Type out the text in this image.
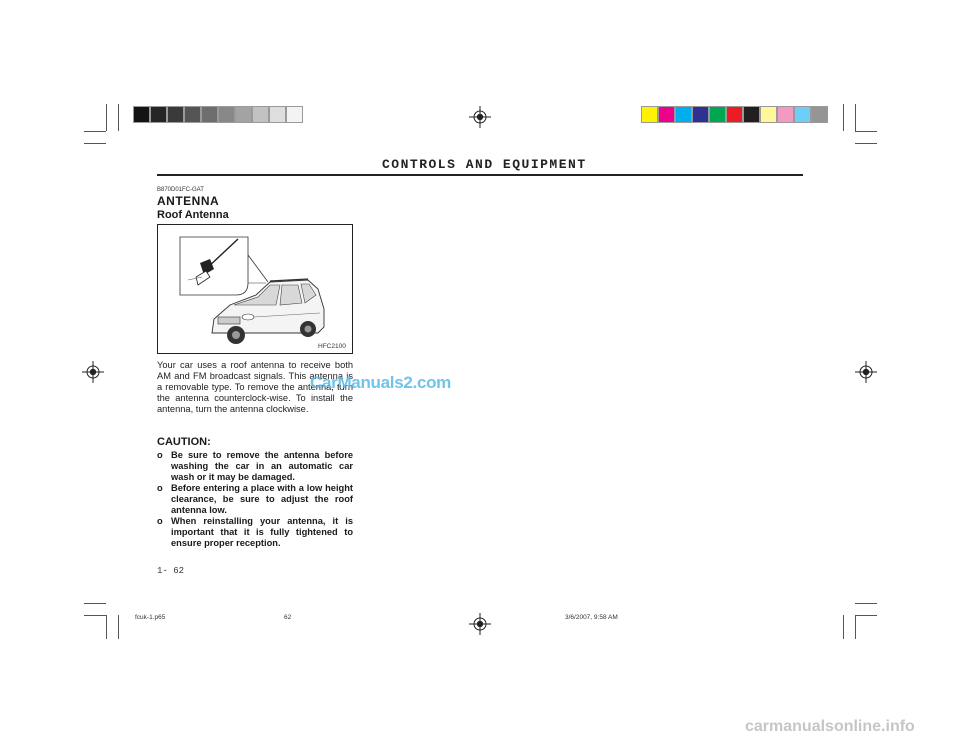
CONTROLS AND EQUIPMENT
B870D01FC-GAT
ANTENNA
Roof Antenna
HFC2100
Your car uses a roof antenna to receive both AM and FM broadcast signals. This antenna is a removable type. To remove the antenna, turn the antenna counterclock-wise. To install the antenna, turn the antenna clockwise.
CAUTION:
o Be sure to remove the antenna before washing the car in an automatic car wash or it may be damaged.
o Before entering a place with a low height clearance, be sure to adjust the roof antenna low.
o When reinstalling your antenna, it is important that it is fully tightened to ensure proper reception.
CarManuals2.com
1- 62
fcuk-1.p65	62	3/6/2007, 9:58 AM
carmanualsonline.info
